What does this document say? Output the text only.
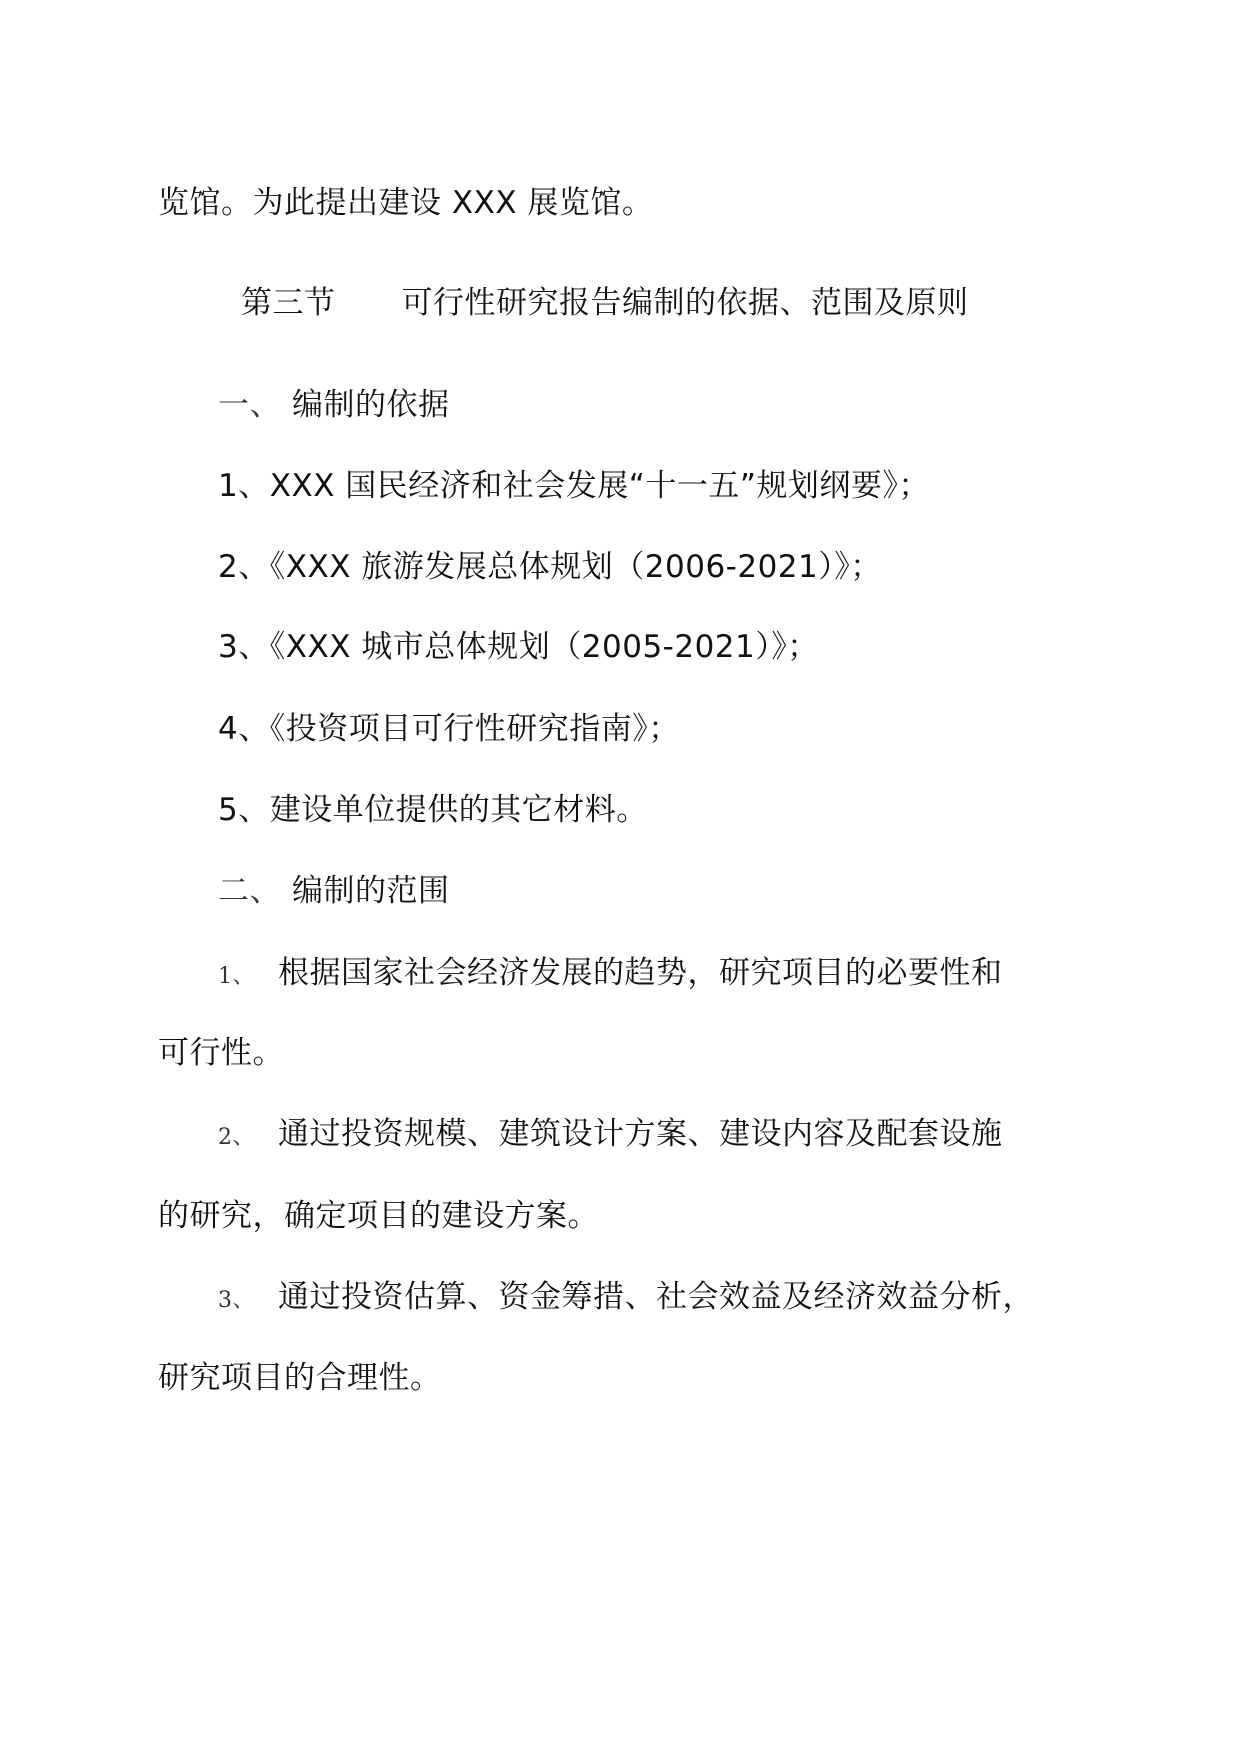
览馆。为此提出建设 XXX 展览馆。
第三节 可行性研究报告编制的依据、范围及原则
一、 编制的依据
1、XXX 国民经济和社会发展“十一五”规划纲要》；
2、《XXX 旅游发展总体规划（2006-2021）》；
3、《XXX 城市总体规划（2005-2021）》；
4、《投资项目可行性研究指南》；
5、建设单位提供的其它材料。
二、 编制的范围
1、 根据国家社会经济发展的趋势，研究项目的必要性和
可行性。
2、 通过投资规模、建筑设计方案、建设内容及配套设施
的研究，确定项目的建设方案。
3、 通过投资估算、资金筹措、社会效益及经济效益分析，
研究项目的合理性。
